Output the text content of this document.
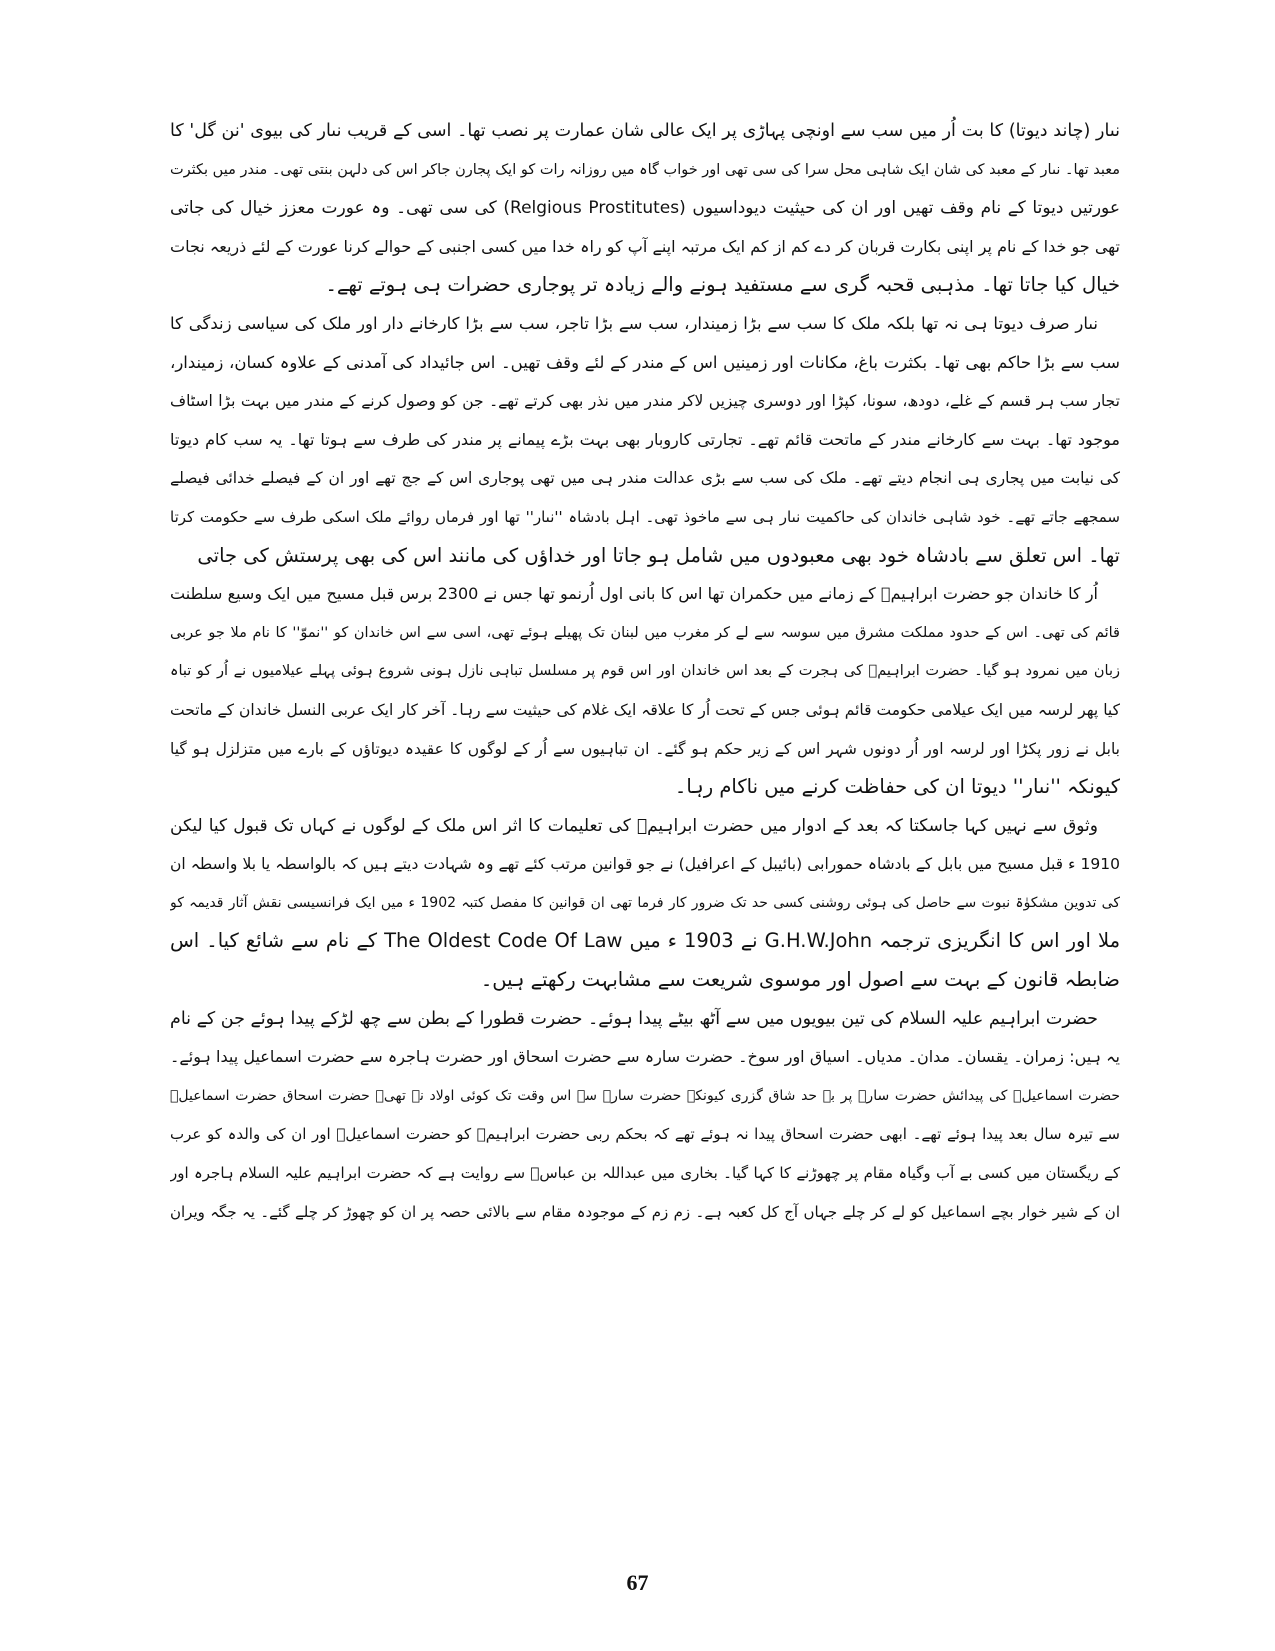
نںار (چاند دیوتا) کا بت اُر میں سب سے اونچی پہاڑی پر ایک عالی شان عمارت پر نصب تھا۔ اسی کے قریب نںار کی بیوی 'نن گل' کا
معبد تھا۔ نںار کے معبد کی شان ایک شاہی محل سرا کی سی تھی اور خواب گاہ میں روزانہ رات کو ایک پجارن جاکر اس کی دلہن بنتی تھی۔ مندر میں بکثرت
عورتیں دیوتا کے نام وقف تھیں اور ان کی حیثیت دیوداسیوں (Relgious Prostitutes) کی سی تھی۔ وہ عورت معزز خیال کی جاتی
تھی جو خدا کے نام پر اپنی بکارت قربان کر دے کم از کم ایک مرتبہ اپنے آپ کو راہ خدا میں کسی اجنبی کے حوالے کرنا عورت کے لئے ذریعہ نجات
خیال کیا جاتا تھا۔ مذہبی قحبہ گری سے مستفید ہونے والے زیادہ تر پوجاری حضرات ہی ہوتے تھے۔
نںار صرف دیوتا ہی نہ تھا بلکہ ملک کا سب سے بڑا زمیندار، سب سے بڑا تاجر، سب سے بڑا کارخانے دار اور ملک کی سیاسی زندگی کا
سب سے بڑا حاکم بھی تھا۔ بکثرت باغ، مکانات اور زمینیں اس کے مندر کے لئے وقف تھیں۔ اس جائیداد کی آمدنی کے علاوہ کسان، زمیندار،
تجار سب ہر قسم کے غلے، دودھ، سونا، کپڑا اور دوسری چیزیں لاکر مندر میں نذر بھی کرتے تھے۔ جن کو وصول کرنے کے مندر میں بہت بڑا اسٹاف
موجود تھا۔ بہت سے کارخانے مندر کے ماتحت قائم تھے۔ تجارتی کاروبار بھی بہت بڑے پیمانے پر مندر کی طرف سے ہوتا تھا۔ یہ سب کام دیوتا
کی نیابت میں پجاری ہی انجام دیتے تھے۔ ملک کی سب سے بڑی عدالت مندر ہی میں تھی پوجاری اس کے جج تھے اور ان کے فیصلے خدائی فیصلے
سمجھے جاتے تھے۔ خود شاہی خاندان کی حاکمیت نںار ہی سے ماخوذ تھی۔ اہل بادشاہ ''نںار'' تھا اور فرماں روائے ملک اسکی طرف سے حکومت کرتا
تھا۔ اس تعلق سے بادشاہ خود بھی معبودوں میں شامل ہو جاتا اور خداؤں کی مانند اس کی بھی پرستش کی جاتی
اُر کا خاندان جو حضرت ابراہیمؑ کے زمانے میں حکمران تھا اس کا بانی اول اُرنمو تھا جس نے 2300 برس قبل مسیح میں ایک وسیع سلطنت
قائم کی تھی۔ اس کے حدود مملکت مشرق میں سوسہ سے لے کر مغرب میں لبنان تک پھیلے ہوئے تھی، اسی سے اس خاندان کو ''نموّ'' کا نام ملا جو عربی
زبان میں نمرود ہو گیا۔ حضرت ابراہیمؑ کی ہجرت کے بعد اس خاندان اور اس قوم پر مسلسل تباہی نازل ہونی شروع ہوئی پہلے عیلامیوں نے اُر کو تباہ
کیا پھر لرسہ میں ایک عیلامی حکومت قائم ہوئی جس کے تحت اُر کا علاقہ ایک غلام کی حیثیت سے رہا۔ آخر کار ایک عربی النسل خاندان کے ماتحت
بابل نے زور پکڑا اور لرسہ اور اُر دونوں شہر اس کے زیر حکم ہو گئے۔ ان تباہیوں سے اُر کے لوگوں کا عقیدہ دیوتاؤں کے بارے میں متزلزل ہو گیا
کیونکہ ''نںار'' دیوتا ان کی حفاظت کرنے میں ناکام رہا۔
وثوق سے نہیں کہا جاسکتا کہ بعد کے ادوار میں حضرت ابراہیمؑ کی تعلیمات کا اثر اس ملک کے لوگوں نے کہاں تک قبول کیا لیکن
1910 ء قبل مسیح میں بابل کے بادشاہ حمورابی (بائیبل کے اعرافیل) نے جو قوانین مرتب کئے تھے وہ شہادت دیتے ہیں کہ بالواسطہ یا بلا واسطہ ان
کی تدوین مشکوٰۃ نبوت سے حاصل کی ہوئی روشنی کسی حد تک ضرور کار فرما تھی ان قوانین کا مفصل کتبہ 1902 ء میں ایک فرانسیسی نقش آثار قدیمہ کو
ملا اور اس کا انگریزی ترجمہ G.H.W.John نے 1903 ء میں The Oldest Code Of Law کے نام سے شائع کیا۔ اس
ضابطہ قانون کے بہت سے اصول اور موسوی شریعت سے مشابہت رکھتے ہیں۔
حضرت ابراہیم علیہ السلام کی تین بیویوں میں سے آٹھ بیٹے پیدا ہوئے۔ حضرت قطورا کے بطن سے چھ لڑکے پیدا ہوئے جن کے نام
یہ ہیں: زمران۔ یقسان۔ مدان۔ مدیاں۔ اسیاق اور سوخ۔ حضرت سارہ سے حضرت اسحاق اور حضرت ہاجرہ سے حضرت اسماعیل پیدا ہوئے۔
حضرت اسماعیلؑ کی پیدائش حضرت سارہ پر بے حد شاق گزری کیونکہ حضرت سارہ سے اس وقت تک کوئی اولاد نہ تھی۔ حضرت اسحاق حضرت اسماعیلؑ
سے تیرہ سال بعد پیدا ہوئے تھے۔ ابھی حضرت اسحاق پیدا نہ ہوئے تھے کہ بحکم ربی حضرت ابراہیمؑ کو حضرت اسماعیلؑ اور ان کی والدہ کو عرب
کے ریگستان میں کسی بے آب وگیاہ مقام پر چھوڑنے کا کہا گیا۔ بخاری میں عبداللہ بن عباسؓ سے روایت ہے کہ حضرت ابراہیم علیہ السلام ہاجرہ اور
ان کے شیر خوار بچے اسماعیل کو لے کر چلے جہاں آج کل کعبہ ہے۔ زم زم کے موجودہ مقام سے بالائی حصہ پر ان کو چھوڑ کر چلے گئے۔ یہ جگہ ویران
67
